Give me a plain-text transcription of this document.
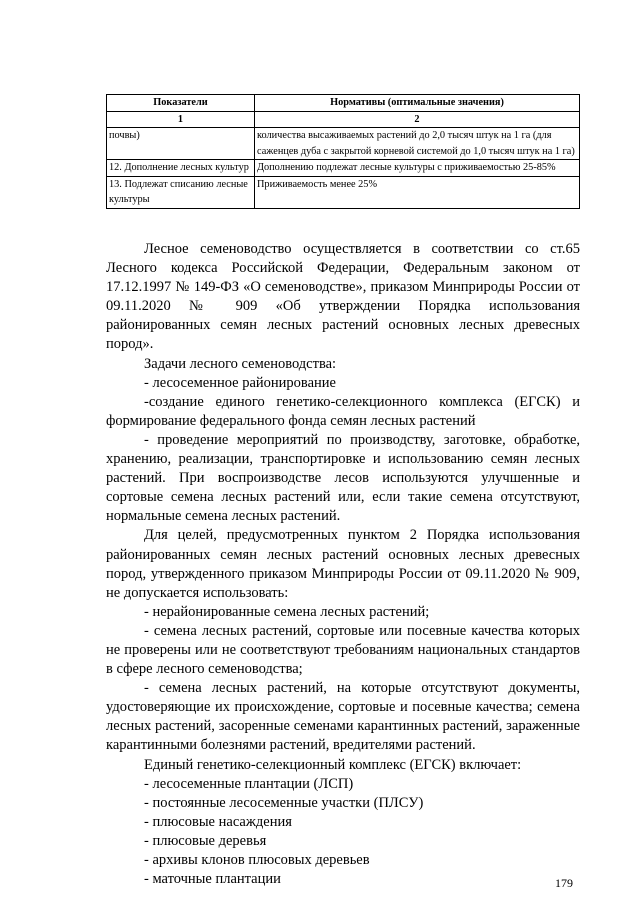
Показатели	Нормативы (оптимальные значения)
1	2
почвы)	количества высаживаемых растений до 2,0 тысяч штук на 1 га (для саженцев дуба с закрытой корневой системой до 1,0 тысяч штук на 1 га)
12. Дополнение лесных культур	Дополнению подлежат лесные культуры с приживаемостью 25-85%
13. Подлежат списанию лесные культуры	Приживаемость менее 25%

Лесное семеноводство осуществляется в соответствии со ст.65 Лесного кодекса Российской Федерации, Федеральным законом от 17.12.1997 № 149-ФЗ «О семеноводстве», приказом Минприроды России от 09.11.2020 № 909 «Об утверждении Порядка использования районированных семян лесных растений основных лесных древесных пород».

Задачи лесного семеноводства:

- лесосеменное районирование

-создание единого генетико-селекционного комплекса (ЕГСК) и формирование федерального фонда семян лесных растений

- проведение мероприятий по производству, заготовке, обработке, хранению, реализации, транспортировке и использованию семян лесных растений. При воспроизводстве лесов используются улучшенные и сортовые семена лесных растений или, если такие семена отсутствуют, нормальные семена лесных растений.

Для целей, предусмотренных пунктом 2 Порядка использования районированных семян лесных растений основных лесных древесных пород, утвержденного приказом Минприроды России от 09.11.2020 № 909, не допускается использовать:

- нерайонированные семена лесных растений;

- семена лесных растений, сортовые или посевные качества которых не проверены или не соответствуют требованиям национальных стандартов в сфере лесного семеноводства;

- семена лесных растений, на которые отсутствуют документы, удостоверяющие их происхождение, сортовые и посевные качества; семена лесных растений, засоренные семенами карантинных растений, зараженные карантинными болезнями растений, вредителями растений.

Единый генетико-селекционный комплекс (ЕГСК) включает:

- лесосеменные плантации (ЛСП)

- постоянные лесосеменные участки (ПЛСУ)

- плюсовые насаждения

- плюсовые деревья

- архивы клонов плюсовых деревьев

- маточные плантации	179
